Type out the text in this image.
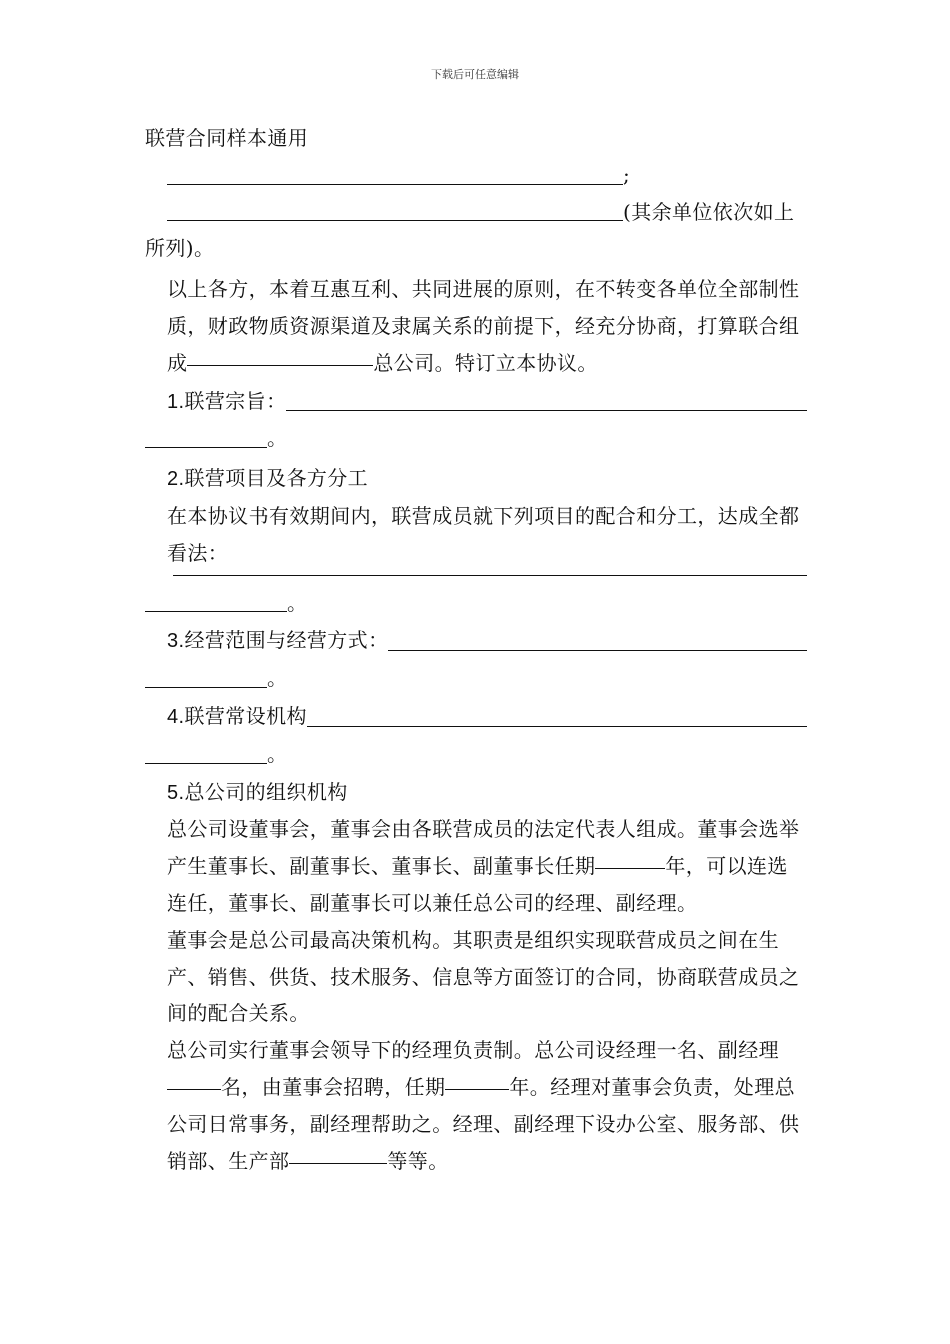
下载后可任意编辑

联营合同样本通用

;
(其余单位依次如上

所列)。

以上各方，本着互惠互利、共同进展的原则，在不转变各单位全部制性质，财政物质资源渠道及隶属关系的前提下，经充分协商，打算联合组成	总公司。特订立本协议。

1.联营宗旨：
。

2.联营项目及各方分工

在本协议书有效期间内，联营成员就下列项目的配合和分工，达成全都看法：

。
3.经营范围与经营方式：
。
4.联营常设机构
。

5.总公司的组织机构

总公司设董事会，董事会由各联营成员的法定代表人组成。董事会选举产生董事长、副董事长、董事长、副董事长任期	年，可以连选连任，董事长、副董事长可以兼任总公司的经理、副经理。

董事会是总公司最高决策机构。其职责是组织实现联营成员之间在生产、销售、供货、技术服务、信息等方面签订的合同，协商联营成员之间的配合关系。

总公司实行董事会领导下的经理负责制。总公司设经理一名、副经理名，由董事会招聘，任期	年。经理对董事会负责，处理总公司日常事务，副经理帮助之。经理、副经理下设办公室、服务部、供销部、生产部	等等。
